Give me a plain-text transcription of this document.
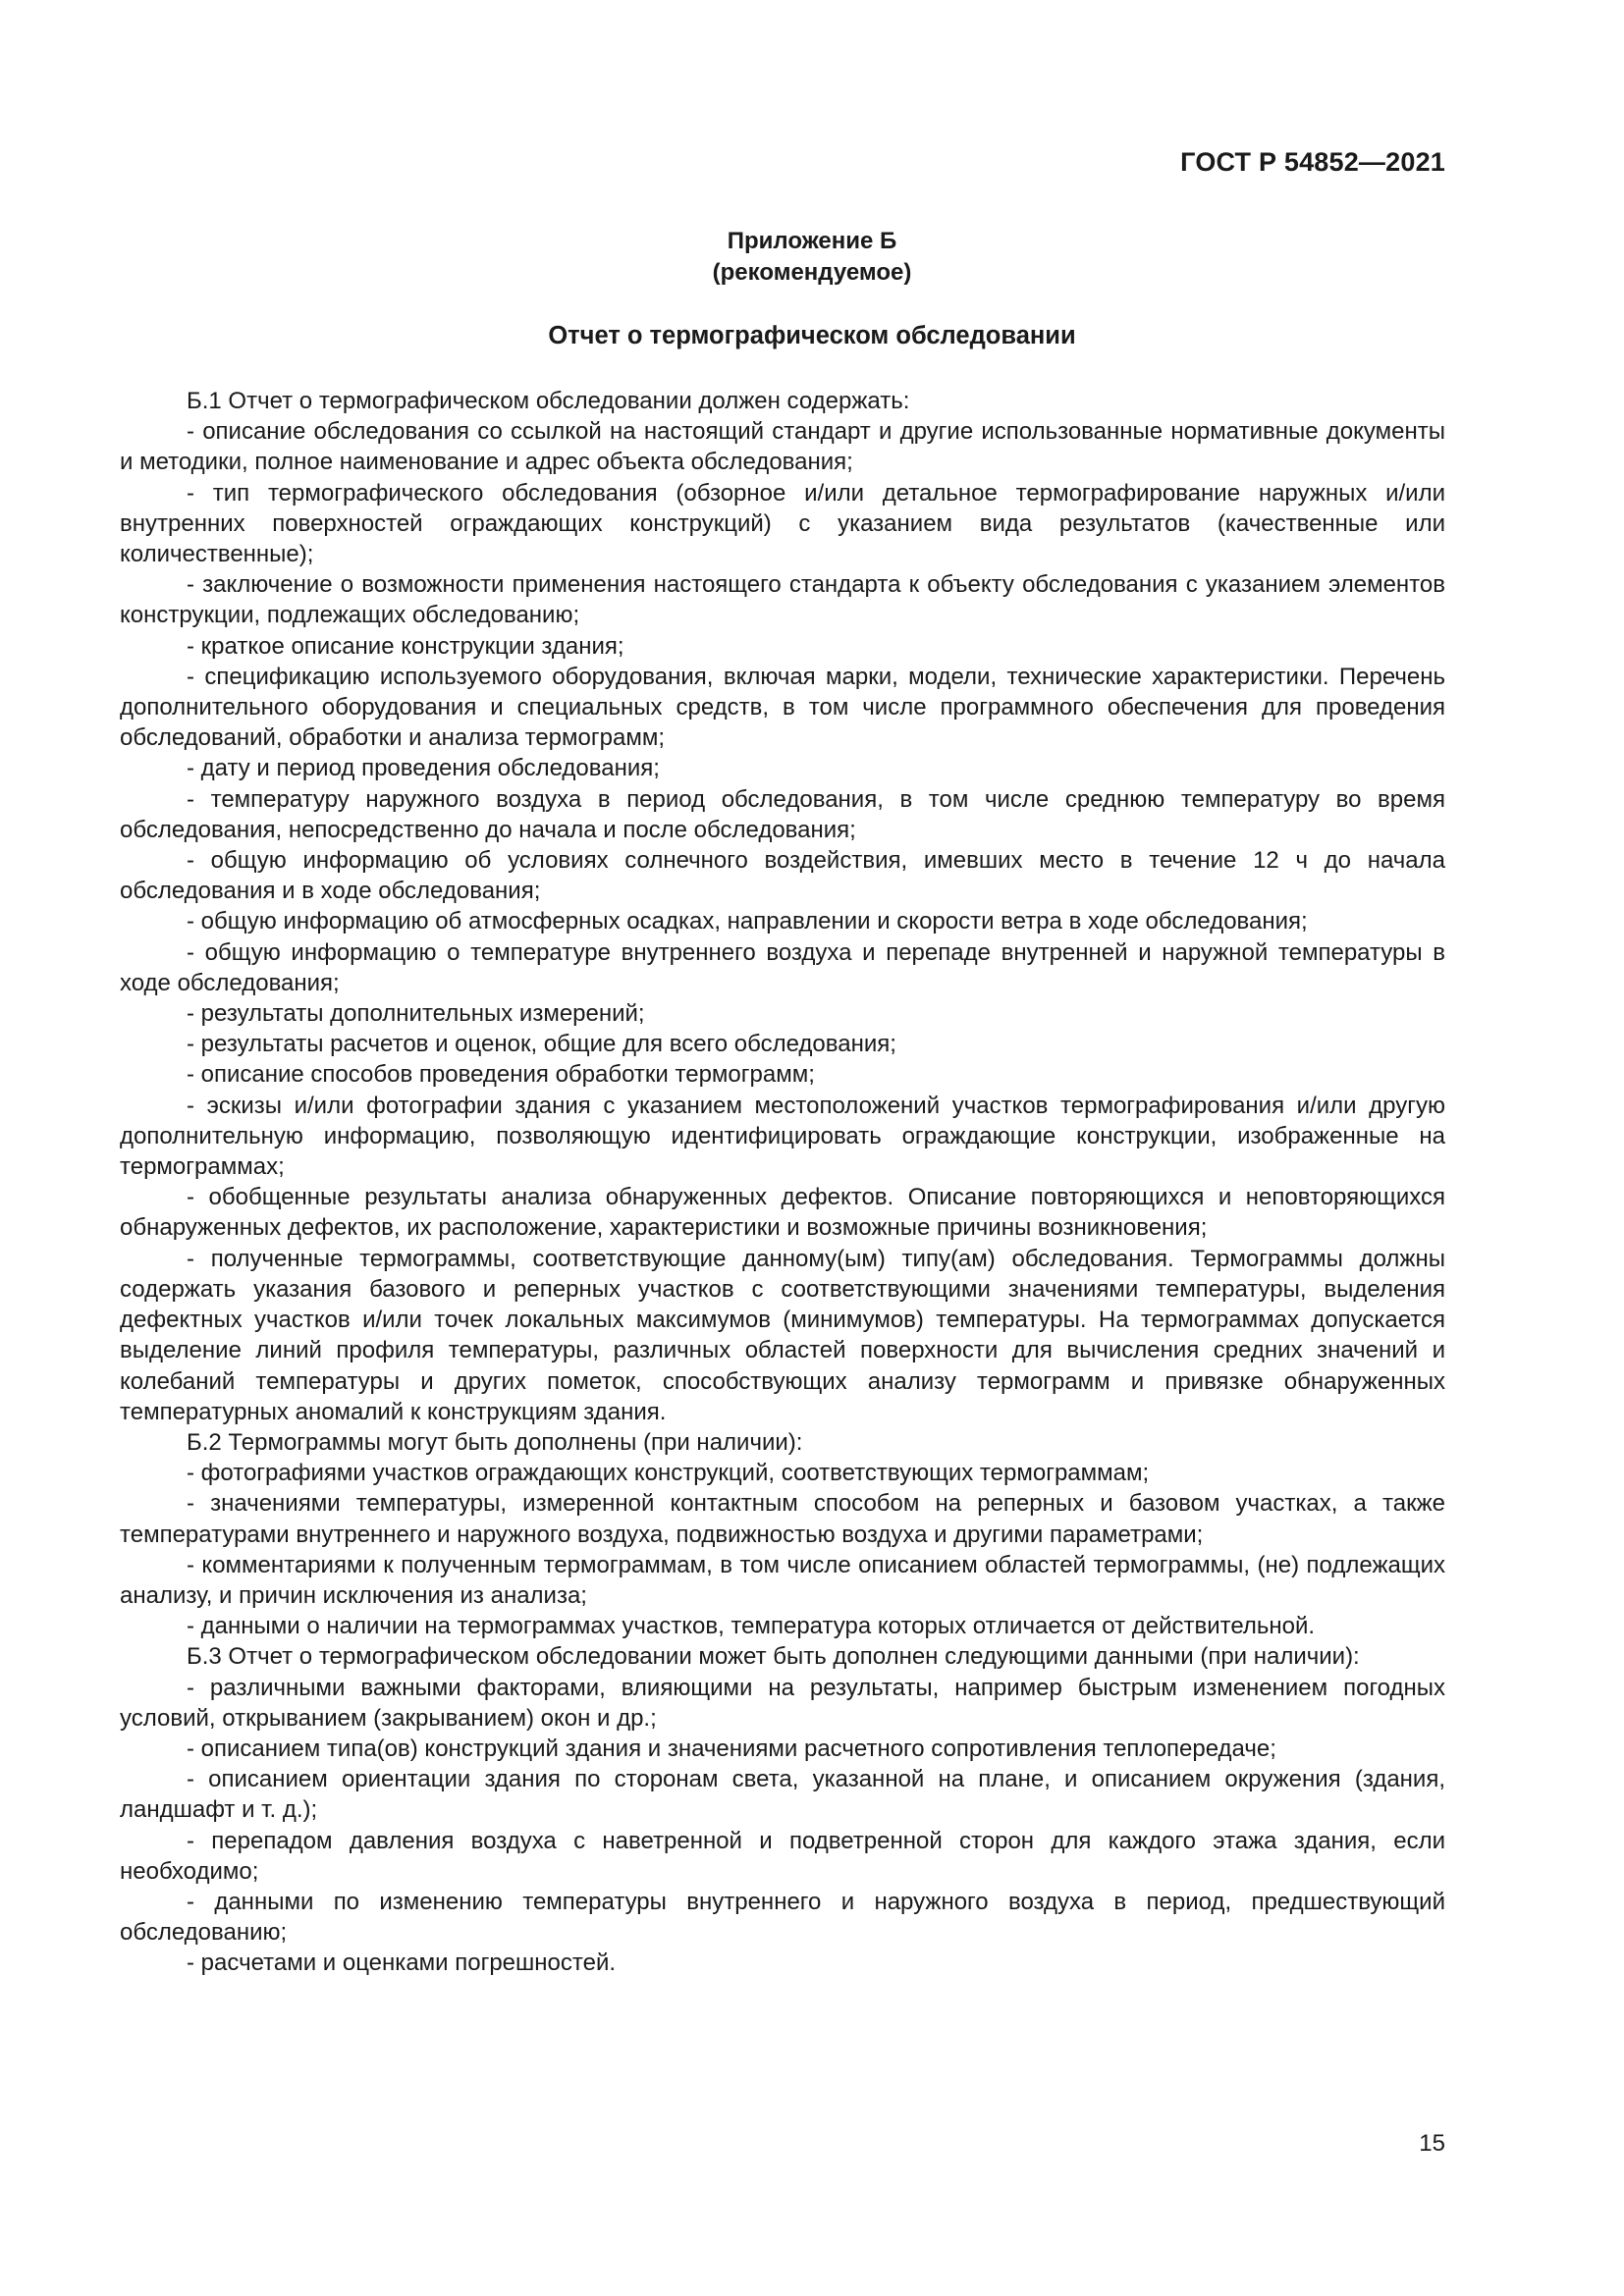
ГОСТ Р 54852—2021
Приложение Б
(рекомендуемое)
Отчет о термографическом обследовании

Б.1 Отчет о термографическом обследовании должен содержать:

- описание обследования со ссылкой на настоящий стандарт и другие использованные нормативные документы и методики, полное наименование и адрес объекта обследования;

- тип термографического обследования (обзорное и/или детальное термографирование наружных и/или внутренних поверхностей ограждающих конструкций) с указанием вида результатов (качественные или количественные);

- заключение о возможности применения настоящего стандарта к объекту обследования с указанием элементов конструкции, подлежащих обследованию;

- краткое описание конструкции здания;

- спецификацию используемого оборудования, включая марки, модели, технические характеристики. Перечень дополнительного оборудования и специальных средств, в том числе программного обеспечения для проведения обследований, обработки и анализа термограмм;

- дату и период проведения обследования;

- температуру наружного воздуха в период обследования, в том числе среднюю температуру во время обследования, непосредственно до начала и после обследования;

- общую информацию об условиях солнечного воздействия, имевших место в течение 12 ч до начала обследования и в ходе обследования;

- общую информацию об атмосферных осадках, направлении и скорости ветра в ходе обследования;

- общую информацию о температуре внутреннего воздуха и перепаде внутренней и наружной температуры в ходе обследования;

- результаты дополнительных измерений;

- результаты расчетов и оценок, общие для всего обследования;

- описание способов проведения обработки термограмм;

- эскизы и/или фотографии здания с указанием местоположений участков термографирования и/или другую дополнительную информацию, позволяющую идентифицировать ограждающие конструкции, изображенные на термограммах;

- обобщенные результаты анализа обнаруженных дефектов. Описание повторяющихся и неповторяющихся обнаруженных дефектов, их расположение, характеристики и возможные причины возникновения;

- полученные термограммы, соответствующие данному(ым) типу(ам) обследования. Термограммы должны содержать указания базового и реперных участков с соответствующими значениями температуры, выделения дефектных участков и/или точек локальных максимумов (минимумов) температуры. На термограммах допускается выделение линий профиля температуры, различных областей поверхности для вычисления средних значений и колебаний температуры и других пометок, способствующих анализу термограмм и привязке обнаруженных температурных аномалий к конструкциям здания.

Б.2 Термограммы могут быть дополнены (при наличии):

- фотографиями участков ограждающих конструкций, соответствующих термограммам;

- значениями температуры, измеренной контактным способом на реперных и базовом участках, а также температурами внутреннего и наружного воздуха, подвижностью воздуха и другими параметрами;

- комментариями к полученным термограммам, в том числе описанием областей термограммы, (не) подлежащих анализу, и причин исключения из анализа;

- данными о наличии на термограммах участков, температура которых отличается от действительной.

Б.3 Отчет о термографическом обследовании может быть дополнен следующими данными (при наличии):

- различными важными факторами, влияющими на результаты, например быстрым изменением погодных условий, открыванием (закрыванием) окон и др.;

- описанием типа(ов) конструкций здания и значениями расчетного сопротивления теплопередаче;

- описанием ориентации здания по сторонам света, указанной на плане, и описанием окружения (здания, ландшафт и т. д.);

- перепадом давления воздуха с наветренной и подветренной сторон для каждого этажа здания, если необходимо;

- данными по изменению температуры внутреннего и наружного воздуха в период, предшествующий обследованию;

- расчетами и оценками погрешностей.

15
